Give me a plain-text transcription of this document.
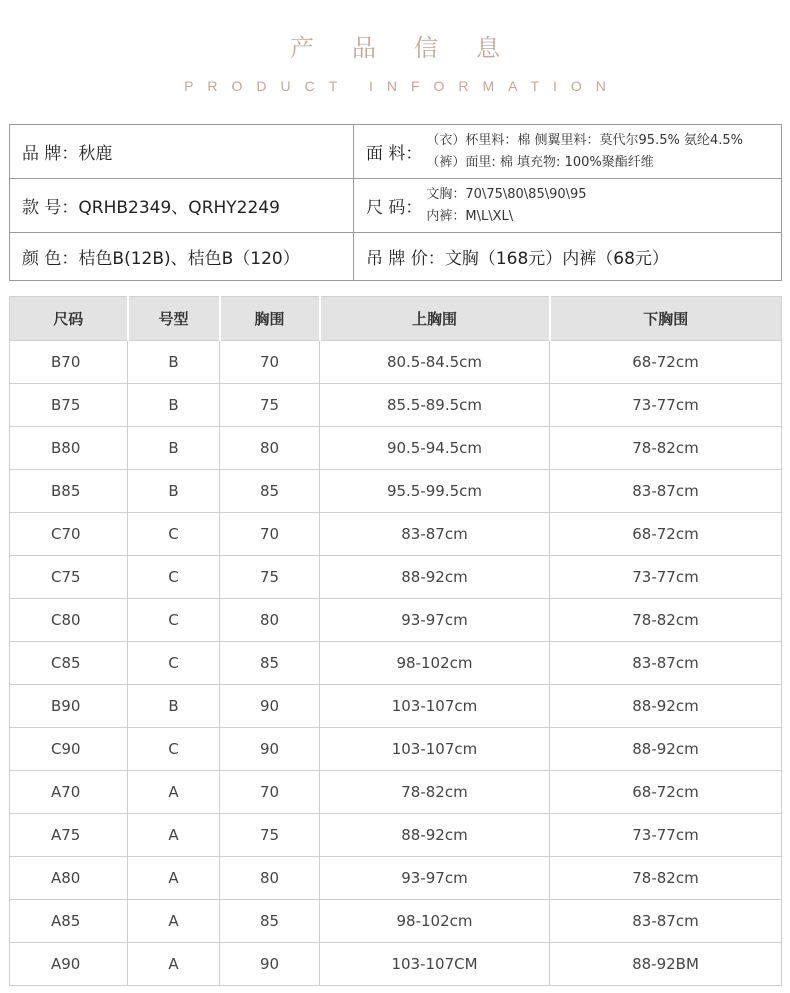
产品信息
PRODUCT INFORMATION
品 牌：秋鹿	面 料：
（衣）杯里料：棉 侧翼里料：莫代尔95.5% 氨纶4.5%
（裤）面里: 棉 填充物: 100%聚酯纤维

款 号：QRHB2349、QRHY2249	尺 码：
文胸：70\75\80\85\90\95
内裤：M\L\XL\

颜 色：桔色B(12B)、桔色B（120）	吊 牌 价：文胸（168元）内裤（68元）
尺码	号型	胸围	上胸围	下胸围
B70	B	70	80.5-84.5cm	68-72cm
B75	B	75	85.5-89.5cm	73-77cm
B80	B	80	90.5-94.5cm	78-82cm
B85	B	85	95.5-99.5cm	83-87cm
C70	C	70	83-87cm	68-72cm
C75	C	75	88-92cm	73-77cm
C80	C	80	93-97cm	78-82cm
C85	C	85	98-102cm	83-87cm
B90	B	90	103-107cm	88-92cm
C90	C	90	103-107cm	88-92cm
A70	A	70	78-82cm	68-72cm
A75	A	75	88-92cm	73-77cm
A80	A	80	93-97cm	78-82cm
A85	A	85	98-102cm	83-87cm
A90	A	90	103-107CM	88-92BM
